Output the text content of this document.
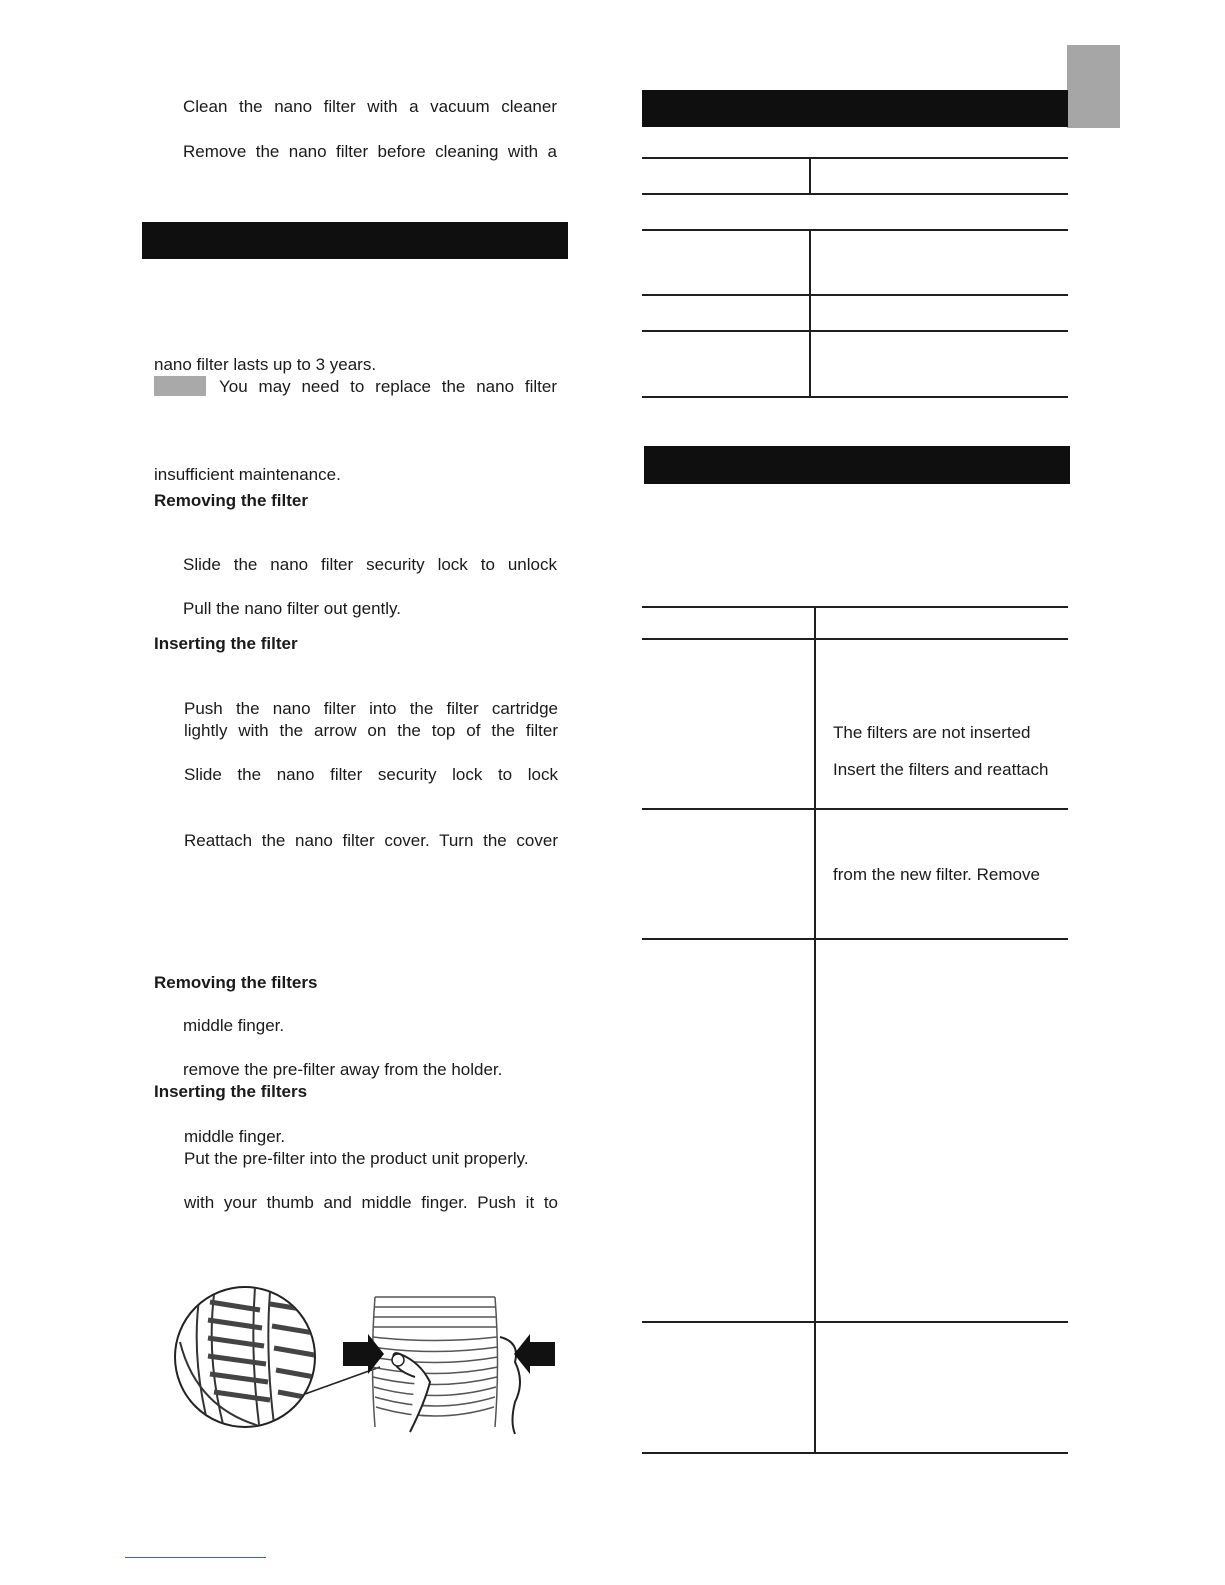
Clean the nano filter with a vacuum cleaner
Remove the nano filter before cleaning with a
nano filter lasts up to 3 years.
You may need to replace the nano filter
insufficient maintenance.
Removing the filter
Slide the nano filter security lock to unlock
Pull the nano filter out gently.
Inserting the filter
Push the nano filter into the filter cartridge
lightly with the arrow on the top of the filter
Slide the nano filter security lock to lock
Reattach the nano filter cover. Turn the cover
Removing the filters
middle finger.
remove the pre-filter away from the holder.
Inserting the filters
middle finger.
Put the pre-filter into the product unit properly.
with your thumb and middle finger. Push it to
The filters are not inserted
Insert the filters and reattach
from the new filter. Remove
